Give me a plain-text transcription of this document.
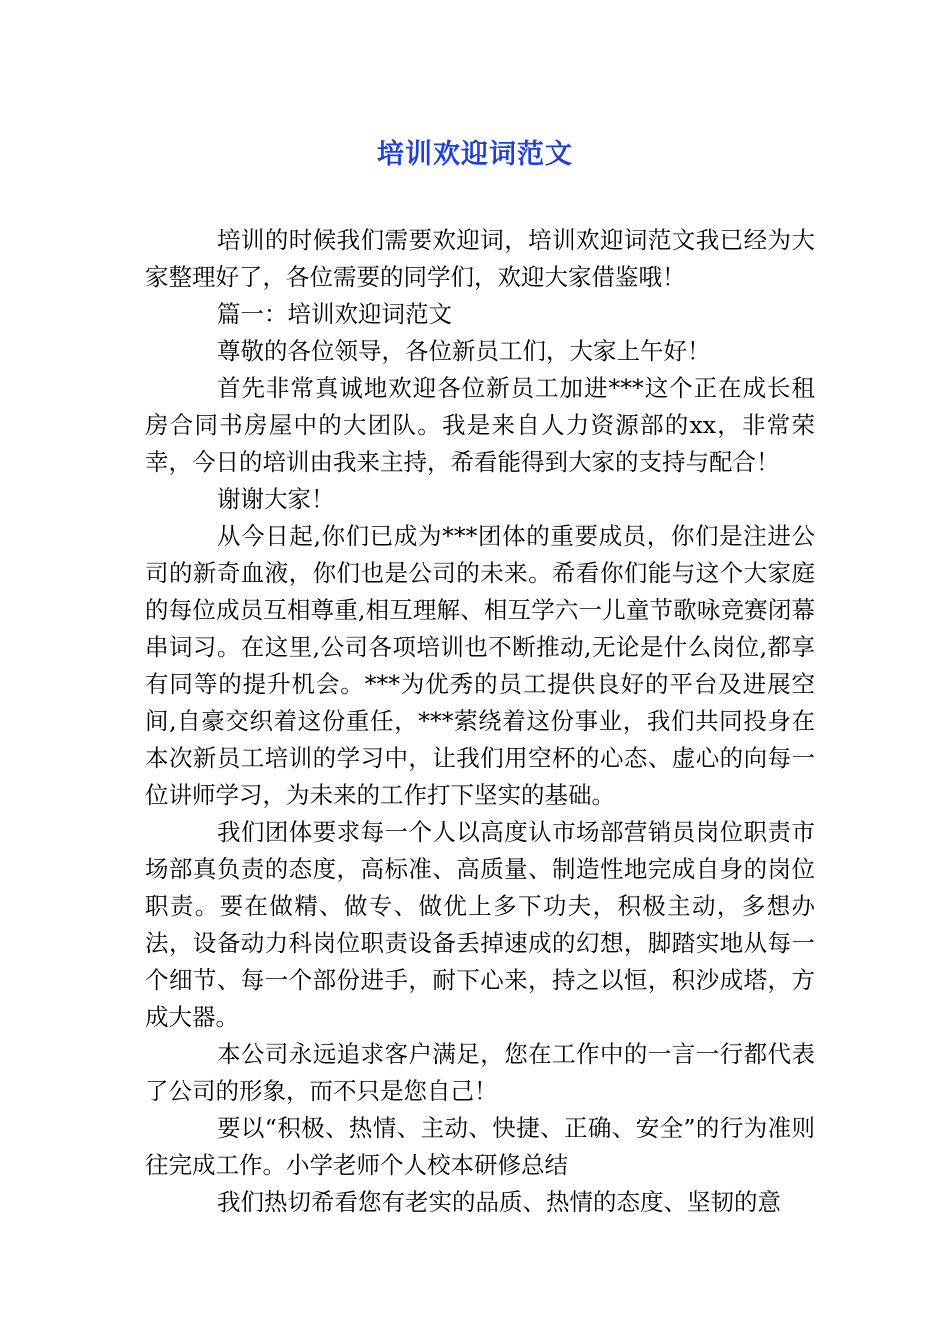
培训欢迎词范文

培训的时候我们需要欢迎词，培训欢迎词范文我已经为大家整理好了，各位需要的同学们，欢迎大家借鉴哦！

篇一：培训欢迎词范文

尊敬的各位领导，各位新员工们，大家上午好！

首先非常真诚地欢迎各位新员工加进***这个正在成长租房合同书房屋中的大团队。我是来自人力资源部的xx，非常荣幸，今日的培训由我来主持，希看能得到大家的支持与配合！

谢谢大家！

从今日起,你们已成为***团体的重要成员，你们是注进公司的新奇血液，你们也是公司的未来。希看你们能与这个大家庭的每位成员互相尊重,相互理解、相互学六一儿童节歌咏竞赛闭幕串词习。在这里,公司各项培训也不断推动,无论是什么岗位,都享有同等的提升机会。***为优秀的员工提供良好的平台及进展空间,自豪交织着这份重任，***萦绕着这份事业，我们共同投身在本次新员工培训的学习中，让我们用空杯的心态、虚心的向每一位讲师学习，为未来的工作打下坚实的基础。

我们团体要求每一个人以高度认市场部营销员岗位职责市场部真负责的态度，高标准、高质量、制造性地完成自身的岗位职责。要在做精、做专、做优上多下功夫，积极主动，多想办法，设备动力科岗位职责设备丢掉速成的幻想，脚踏实地从每一个细节、每一个部份进手，耐下心来，持之以恒，积沙成塔，方成大器。

本公司永远追求客户满足，您在工作中的一言一行都代表了公司的形象，而不只是您自己！

要以“积极、热情、主动、快捷、正确、安全”的行为准则往完成工作。小学老师个人校本研修总结

我们热切希看您有老实的品质、热情的态度、坚韧的意
